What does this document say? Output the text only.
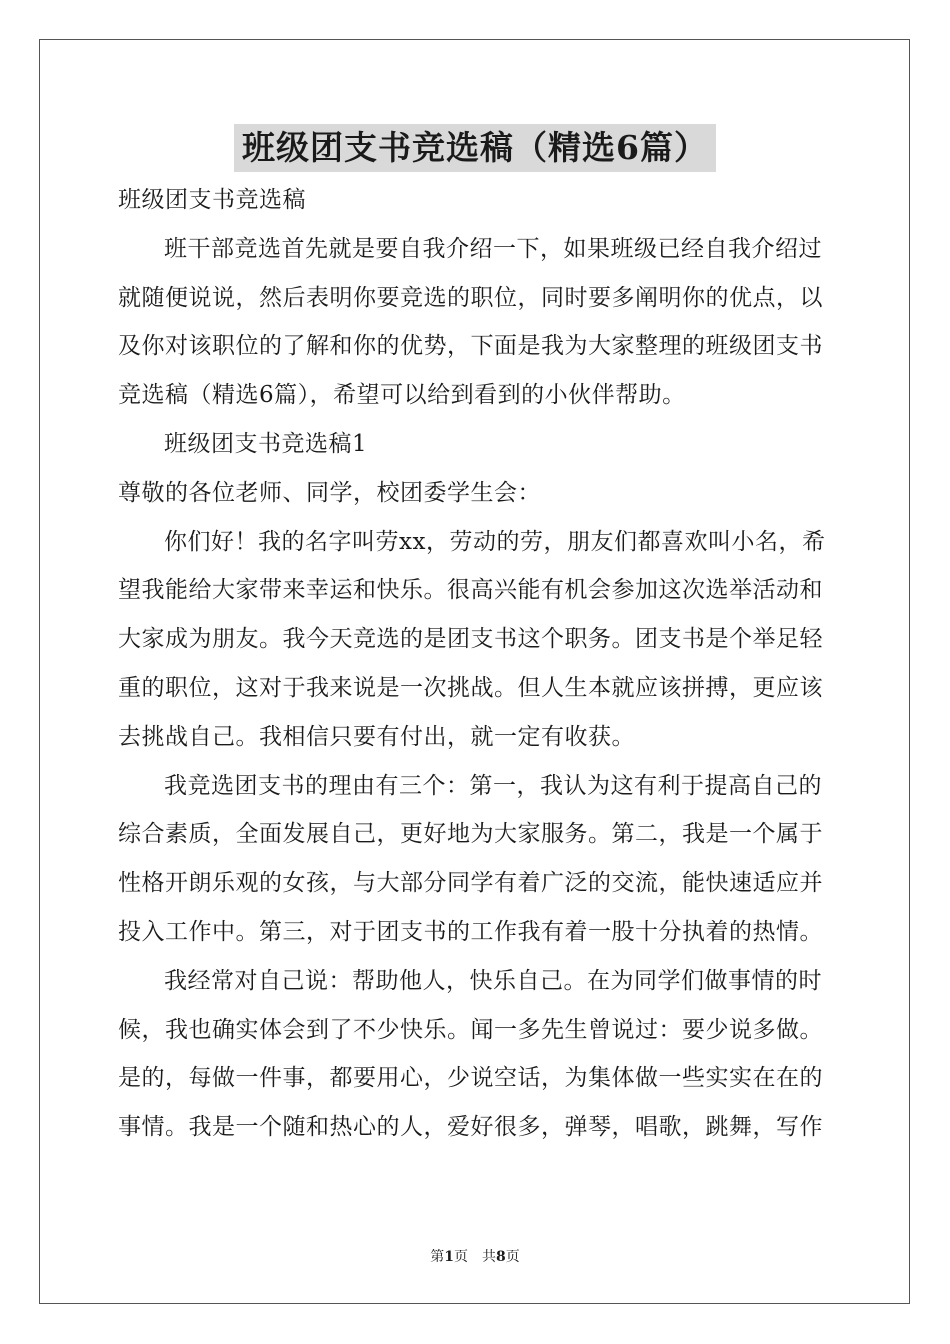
班级团支书竞选稿（精选6篇）

班级团支书竞选稿

班干部竞选首先就是要自我介绍一下，如果班级已经自我介绍过就随便说说，然后表明你要竞选的职位，同时要多阐明你的优点，以及你对该职位的了解和你的优势，下面是我为大家整理的班级团支书竞选稿（精选6篇），希望可以给到看到的小伙伴帮助。

班级团支书竞选稿1

尊敬的各位老师、同学，校团委学生会：

你们好！我的名字叫劳xx，劳动的劳，朋友们都喜欢叫小名，希望我能给大家带来幸运和快乐。很高兴能有机会参加这次选举活动和大家成为朋友。我今天竞选的是团支书这个职务。团支书是个举足轻重的职位，这对于我来说是一次挑战。但人生本就应该拼搏，更应该去挑战自己。我相信只要有付出，就一定有收获。

我竞选团支书的理由有三个：第一，我认为这有利于提高自己的综合素质，全面发展自己，更好地为大家服务。第二，我是一个属于性格开朗乐观的女孩，与大部分同学有着广泛的交流，能快速适应并投入工作中。第三，对于团支书的工作我有着一股十分执着的热情。

我经常对自己说：帮助他人，快乐自己。在为同学们做事情的时候，我也确实体会到了不少快乐。闻一多先生曾说过：要少说多做。是的，每做一件事，都要用心，少说空话，为集体做一些实实在在的事情。我是一个随和热心的人，爱好很多，弹琴，唱歌，跳舞，写作

第1页　共8页
